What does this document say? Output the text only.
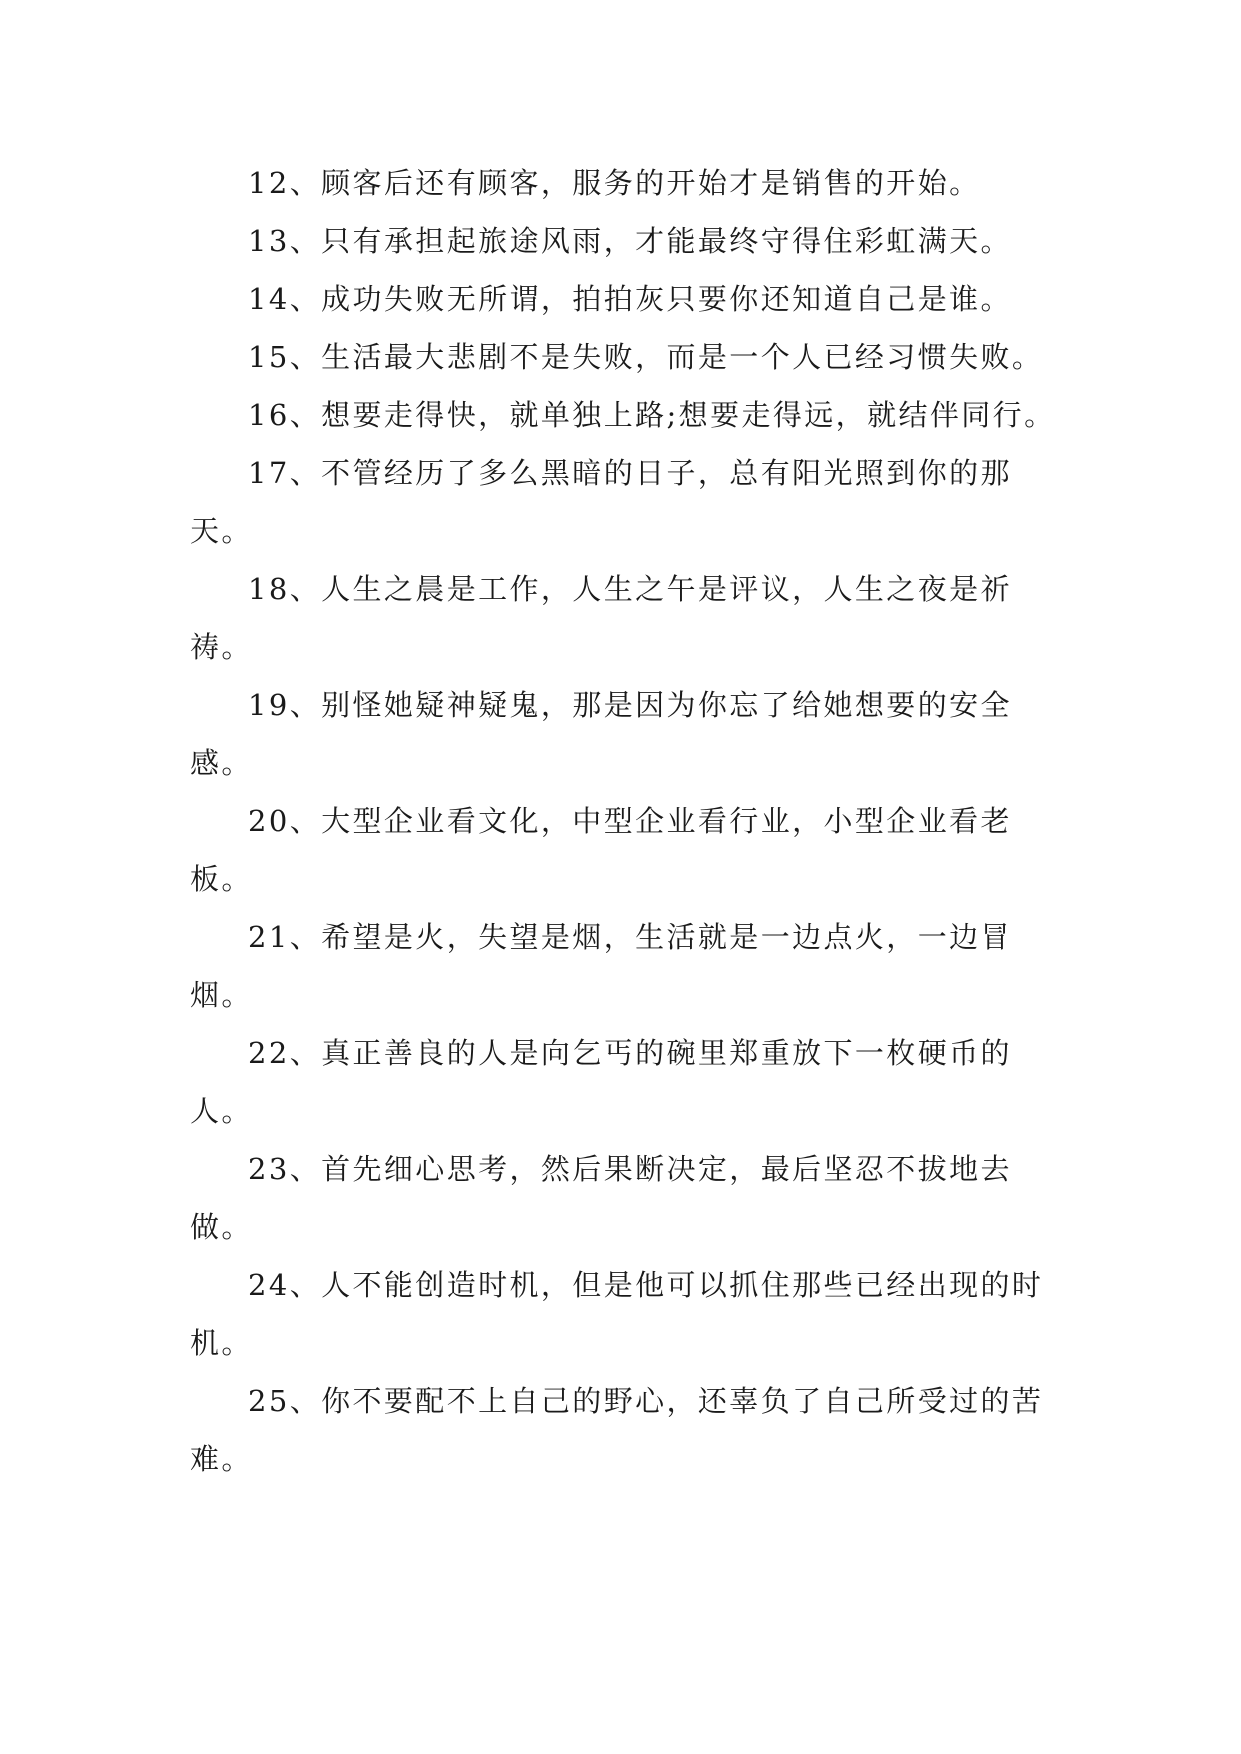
12、顾客后还有顾客，服务的开始才是销售的开始。

13、只有承担起旅途风雨，才能最终守得住彩虹满天。

14、成功失败无所谓，拍拍灰只要你还知道自己是谁。

15、生活最大悲剧不是失败，而是一个人已经习惯失败。

16、想要走得快，就单独上路;想要走得远，就结伴同行。

17、不管经历了多么黑暗的日子，总有阳光照到你的那天。

18、人生之晨是工作，人生之午是评议，人生之夜是祈祷。

19、别怪她疑神疑鬼，那是因为你忘了给她想要的安全感。

20、大型企业看文化，中型企业看行业，小型企业看老板。

21、希望是火，失望是烟，生活就是一边点火，一边冒烟。

22、真正善良的人是向乞丐的碗里郑重放下一枚硬币的人。

23、首先细心思考，然后果断决定，最后坚忍不拔地去做。

24、人不能创造时机，但是他可以抓住那些已经出现的时机。

25、你不要配不上自己的野心，还辜负了自己所受过的苦难。
